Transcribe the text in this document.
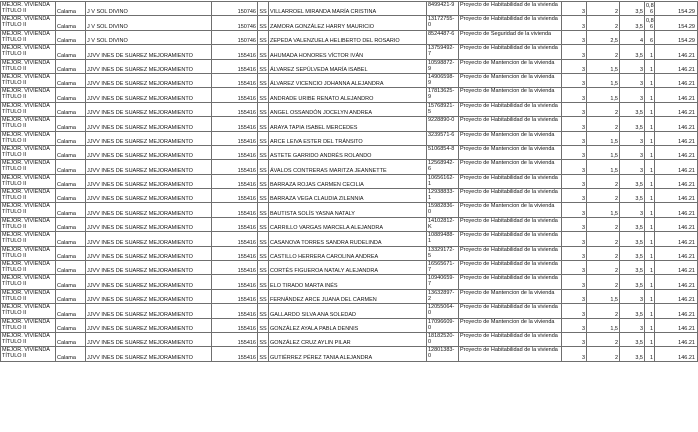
MEJOR. VIVIENDA TÍTULO II	Calama	J V SOL DIVINO	150746	SS	VILLARROEL MIRANDA MARÍA CRISTINA	8499421-9	Proyecto de Habitabilidad de la vivienda	3	2	3,5	0,8 6	154.29
MEJOR. VIVIENDA TÍTULO II	Calama	J V SOL DIVINO	150746	SS	ZAMORA GONZÁLEZ HARRY MAURICIO	13172755-0	Proyecto de Habitabilidad de la vivienda	3	2	3,5	0,8 6	154.29
MEJOR. VIVIENDA TÍTULO II	Calama	J V SOL DIVINO	150746	SS	ZEPEDA VALENZUELA HELIBERTO DEL ROSARIO	8524487-6	Proyecto de Seguridad de la vivienda	3	2,5	4	6	154.29
MEJOR. VIVIENDA TÍTULO II	Calama	JJVV INES DE SUAREZ MEJORAMIENTO	155416	SS	AHUMADA HONORES VÍCTOR IVÁN	13759492-7	Proyecto de Habitabilidad de la vivienda	3	2	3,5	1	146.21
MEJOR. VIVIENDA TÍTULO II	Calama	JJVV INES DE SUAREZ MEJORAMIENTO	155416	SS	ÁLVAREZ SEPÚLVEDA MARÍA ISABEL	10598872-9	Proyecto de Mantencion de la vivienda	3	1,5	3	1	146.21
MEJOR. VIVIENDA TÍTULO II	Calama	JJVV INES DE SUAREZ MEJORAMIENTO	155416	SS	ÁLVAREZ VICENCIO JOHANNA ALEJANDRA	14906598-9	Proyecto de Mantencion de la vivienda	3	1,5	3	1	146.21
MEJOR. VIVIENDA TÍTULO II	Calama	JJVV INES DE SUAREZ MEJORAMIENTO	155416	SS	ANDRADE URIBE RENATO ALEJANDRO	17813625-9	Proyecto de Mantencion de la vivienda	3	1,5	3	1	146.21
MEJOR. VIVIENDA TÍTULO II	Calama	JJVV INES DE SUAREZ MEJORAMIENTO	155416	SS	ANGEL OSSANDÓN JOCELYN ANDREA	15768921-5	Proyecto de Habitabilidad de la vivienda	3	2	3,5	1	146.21
MEJOR. VIVIENDA TÍTULO II	Calama	JJVV INES DE SUAREZ MEJORAMIENTO	155416	SS	ARAYA TAPIA ISABEL MERCEDES	9228890-0	Proyecto de Habitabilidad de la vivienda	3	2	3,5	1	146.21
MEJOR. VIVIENDA TÍTULO II	Calama	JJVV INES DE SUAREZ MEJORAMIENTO	155416	SS	ARCE LEIVA ESTER DEL TRÁNSITO	3239571-6	Proyecto de Mantencion de la vivienda	3	1,5	3	1	146.21
MEJOR. VIVIENDA TÍTULO II	Calama	JJVV INES DE SUAREZ MEJORAMIENTO	155416	SS	ASTETE GARRIDO ANDRÉS ROLANDO	5106854-8	Proyecto de Mantencion de la vivienda	3	1,5	3	1	146.21
MEJOR. VIVIENDA TÍTULO II	Calama	JJVV INES DE SUAREZ MEJORAMIENTO	155416	SS	ÁVALOS CONTRERAS MARITZA JEANNETTE	12568942-6	Proyecto de Mantencion de la vivienda	3	1,5	3	1	146.21
MEJOR. VIVIENDA TÍTULO II	Calama	JJVV INES DE SUAREZ MEJORAMIENTO	155416	SS	BARRAZA ROJAS CARMEN CECILIA	10656162-1	Proyecto de Habitabilidad de la vivienda	3	2	3,5	1	146.21
MEJOR. VIVIENDA TÍTULO II	Calama	JJVV INES DE SUAREZ MEJORAMIENTO	155416	SS	BARRAZA VEGA CLAUDIA ZILENNIA	12938833-1	Proyecto de Habitabilidad de la vivienda	3	2	3,5	1	146.21
MEJOR. VIVIENDA TÍTULO II	Calama	JJVV INES DE SUAREZ MEJORAMIENTO	155416	SS	BAUTISTA SOLÍS YASNA NATALY	15982836-0	Proyecto de Mantencion de la vivienda	3	1,5	3	1	146.21
MEJOR. VIVIENDA TÍTULO II	Calama	JJVV INES DE SUAREZ MEJORAMIENTO	155416	SS	CARRILLO VARGAS MARCELA ALEJANDRA	14102812-K	Proyecto de Habitabilidad de la vivienda	3	2	3,5	1	146.21
MEJOR. VIVIENDA TÍTULO II	Calama	JJVV INES DE SUAREZ MEJORAMIENTO	155416	SS	CASANOVA TORRES SANDRA RUDELINDA	10889488-1	Proyecto de Habitabilidad de la vivienda	3	2	3,5	1	146.21
MEJOR. VIVIENDA TÍTULO II	Calama	JJVV INES DE SUAREZ MEJORAMIENTO	155416	SS	CASTILLO HERRERA CAROLINA ANDREA	13329172-5	Proyecto de Habitabilidad de la vivienda	3	2	3,5	1	146.21
MEJOR. VIVIENDA TÍTULO II	Calama	JJVV INES DE SUAREZ MEJORAMIENTO	155416	SS	CORTÉS FIGUEROA NATALY ALEJANDRA	16565671-7	Proyecto de Habitabilidad de la vivienda	3	2	3,5	1	146.21
MEJOR. VIVIENDA TÍTULO II	Calama	JJVV INES DE SUAREZ MEJORAMIENTO	155416	SS	ELO TIRADO MARTA INÉS	10940659-7	Proyecto de Habitabilidad de la vivienda	3	2	3,5	1	146.21
MEJOR. VIVIENDA TÍTULO II	Calama	JJVV INES DE SUAREZ MEJORAMIENTO	155416	SS	FERNÁNDEZ ARCE JUANA DEL CARMEN	13632897-2	Proyecto de Mantencion de la vivienda	3	1,5	3	1	146.21
MEJOR. VIVIENDA TÍTULO II	Calama	JJVV INES DE SUAREZ MEJORAMIENTO	155416	SS	GALLARDO SILVA ANA SOLEDAD	12055064-0	Proyecto de Habitabilidad de la vivienda	3	2	3,5	1	146.21
MEJOR. VIVIENDA TÍTULO II	Calama	JJVV INES DE SUAREZ MEJORAMIENTO	155416	SS	GONZÁLEZ AYALA PABLA DENNIS	17096609-0	Proyecto de Mantencion de la vivienda	3	1,5	3	1	146.21
MEJOR. VIVIENDA TÍTULO II	Calama	JJVV INES DE SUAREZ MEJORAMIENTO	155416	SS	GONZÁLEZ CRUZ AYLIN PILAR	18182520-0	Proyecto de Habitabilidad de la vivienda	3	2	3,5	1	146.21
MEJOR. VIVIENDA TÍTULO II	Calama	JJVV INES DE SUAREZ MEJORAMIENTO	155416	SS	GUTIÉRREZ PÉREZ TANIA ALEJANDRA	12801383-0	Proyecto de Habitabilidad de la vivienda	3	2	3,5	1	146.21
